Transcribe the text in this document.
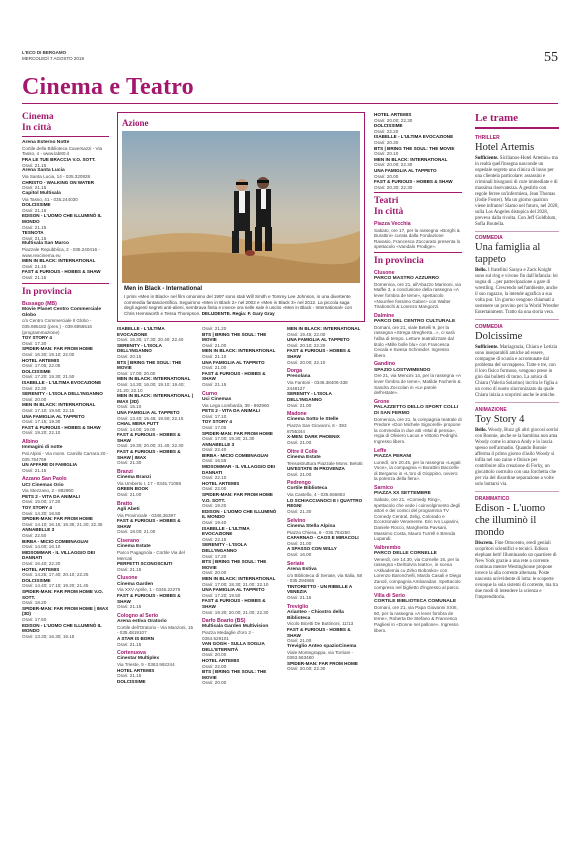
L'ECO DI BERGAMO
MERCOLEDÌ 7 AGOSTO 2019	55
Cinema e Teatro
Cinema
In città
Arena Esterno Notte
Cortile della Biblioteca Caversazzi - Via Tasso, 4 - www.lab80.it
FRA LE TUE BRACCIA V.O. SOTT.
Orari: 21.15
Arena Santa Lucia
Via Santa Lucia, 14 - 035.320828
CHRISTO - WALKING ON WATER
Orari: 21.15
Capitol Multisala
Via Tasso, 41 - 035.244030
DOLCISSIME
Orari: 21.15
EDISON - L'UOMO CHE ILLUMINÒ IL MONDO
Orari: 21.15
TESNOTA
Orari: 21.15
Multisala San Marco
Piazzale Repubblica, 2 - 035.240416 - www.rexcinema.eu
MEN IN BLACK: INTERNATIONAL
Orari: 21.15
FAST & FURIOUS - HOBBS & SHAW
Orari: 21.15
In provincia
Bussago (MB)
Movie Planet Centro Commerciale Globo
c/o Centro Commerciale Il Globo - 035.695182 (pren.) - 039.6956516 (programmazione)
TOY STORY 4
Orari: 17.30
SPIDER-MAN: FAR FROM HOME
Orari: 16.30; 19.10; 22.00
HOTEL ARTEMIS
Orari: 17.05; 22.05
DOLCISSIME
Orari: 17.20; 19.30; 21.50
ISABELLE - L'ULTIMA EVOCAZIONE
Orari: 22.30
SERENITY - L'ISOLA DELL'INGANNO
Orari: 20.00
MEN IN BLACK: INTERNATIONAL
Orari: 17.10; 19.50; 22.15
UNA FAMIGLIA AL TAPPETO
Orari: 17.15; 19.30
FAST & FURIOUS - HOBBS & SHAW
Orari: 19.20; 22.10
Albino
Immagini di notte
Pal.Alpini - Via mons. Camillo Carrara 20 - 035.754769
UN AFFARE DI FAMIGLIA
Orari: 21.15
Azzano San Paolo
UCI Cinemas Orio
Via Stezzano, 2 - 892960
PETS 2 - VITA DA ANIMALI
Orari: 15.00; 17.20
TOY STORY 4
Orari: 14.30; 16.50
SPIDER-MAN: FAR FROM HOME
Orari: 14.10; 16.15; 19.35; 21.30; 22.35
ANNABELLE 3
Orari: 22.50
BIRBA - MICIO COMBINAGUAI
Orari: 14.00; 16.10
MIDSOMMAR - IL VILLAGGIO DEI DANNATI
Orari: 16.40; 22.20
HOTEL ARTEMIS
Orari: 14.25; 17.40; 20.10; 22.25
DOLCISSIME
Orari: 14.40; 17.10; 19.20; 21.45
SPIDER-MAN: FAR FROM HOME V.O. SOTT.
Orari: 18.20
SPIDER-MAN: FAR FROM HOME | IMAX (3D)
Orari: 17.50
EDISON - L'UOMO CHE ILLUMINÒ IL MONDO
Orari: 13.30; 16.30; 19.15
Azione
Men in Black - International
I primi «Men in Black» nel film omonimo del 1997 sono stati Will Smith e Tommy Lee Johnson, in una divertente commedia fantascientifica. Seguirono «Men in Black 2» nel 2002 e «Men in Black 3» nel 2012. La piccola saga degli agenti segreti anti-alieni, sembrava finita e invece ora nelle sale è uscito «Men in Black - International» con Chris Hemsworth e Tessa Thompson. DELUDENTE. Regia: F. Gary Gray
ISABELLE - L'ULTIMA EVOCAZIONE
Orari: 15.30; 17.30; 20.40; 22.40
SERENITY - L'ISOLA DELL'INGANNO
Orari: 20.15
BTS | BRING THE SOUL: THE MOVIE
Orari: 17.00; 20.00
MEN IN BLACK: INTERNATIONAL
Orari: 14.30; 16.00; 19.10; 19.40; 21.20; 22.10
MEN IN BLACK: INTERNATIONAL | IMAX (3D)
Orari: 15.10
UNA FAMIGLIA AL TAPPETO
Orari: 13.40; 15.45; 19.50; 22.15
CHIAL MERA PUTT
Orari: 14.00; 19.00
FAST & FURIOUS - HOBBS & SHAW
Orari: 19.30; 20.00; 21.40; 22.30
FAST & FURIOUS - HOBBS & SHAW | IMAX
Orari: 21.30
Branzi
Cinema Branzi
Via Umberto I, 17 - 0345.71088
GREEN BOOK
Orari: 21.00
Bratto
Agli Abeti
Via Provinciale - 0346.36397
FAST & FURIOUS - HOBBS & SHAW
Orari: 18.00; 21.00
Ciserano
Cinema Estate
Parco Pagagnola - Cortile Via del Mercati
PERFETTI SCONOSCIUTI
Orari: 21.15
Clusone
Cinema Garden
Via XXV Aprile, 1 - 0346.22275
FAST & FURIOUS - HOBBS & SHAW
Orari: 21.15
Cologno al Serio
Arena estiva Oratorio
Cortile dell'Oratorio - Via Manzoni, 15 - 035.4819107
A STAR IS BORN
Orari: 21.15
Cortenuova
Cinestar Multiplex
Via Trieste, 9 - 0363.992244
HOTEL ARTEMIS
Orari: 21.15
DOLCISSIME
Orari: 21.20
BTS | BRING THE SOUL: THE MOVIE
Orari: 21.00
MEN IN BLACK: INTERNATIONAL
Orari: 21.15
UNA FAMIGLIA AL TAPPETO
Orari: 21.00
FAST & FURIOUS - HOBBS & SHAW
Orari: 21.15
Curno
Uci Cinemas
Via Lega Lombarda, 39 - 892960
PETS 2 - VITA DA ANIMALI
Orari: 17.10
TOY STORY 4
Orari: 17.05
SPIDER-MAN: FAR FROM HOME
Orari: 17.00; 19.30; 21.30
ANNABELLE 3
Orari: 22.40
BIRBA - MICIO COMBINAGUAI
Orari: 16.55
MIDSOMMAR - IL VILLAGGIO DEI DANNATI
Orari: 22.10
HOTEL ARTEMIS
Orari: 22.00
SPIDER-MAN: FAR FROM HOME V.O. SOTT.
Orari: 19.20
EDISON - L'UOMO CHE ILLUMINÒ IL MONDO
Orari: 19.40
ISABELLE - L'ULTIMA EVOCAZIONE
Orari: 22.15
SERENITY - L'ISOLA DELL'INGANNO
Orari: 17.20
BTS | BRING THE SOUL: THE MOVIE
Orari: 20.00
MEN IN BLACK: INTERNATIONAL
Orari: 17.00; 18.30; 21.00; 22.10
UNA FAMIGLIA AL TAPPETO
Orari: 17.20; 19.50
FAST & FURIOUS - HOBBS & SHAW
Orari: 19.30; 20.00; 21.00; 22.30
Darfo Boario (BS)
Multisala Garden Multivision
Piazza Medaglie d'oro 2 - 0364.529101
VAN GOGH - SULLA SOGLIA DELL'ETERNITÀ
Orari: 20.00
HOTEL ARTEMIS
Orari: 22.00
BTS | BRING THE SOUL: THE MOVIE
Orari: 20.00
MEN IN BLACK: INTERNATIONAL
Orari: 19.45; 22.00
UNA FAMIGLIA AL TAPPETO
Orari: 20.10; 22.20
FAST & FURIOUS - HOBBS & SHAW
Orari: 20.00; 22.10
Dorga
Presolana
Via Fantoni - 0346.38406-338 2448127
SERENITY - L'ISOLA DELL'INGANNO
Orari: 21.00
Madone
Cinema Sotto le Stelle
Piazza San Giovanni, 6 - 393 8755344
X-MEN: DARK PHOENIX
Orari: 21.00
Oltre il Colle
Cinema Estate
Tensostruttura Piazzale Mons. Belotti
UN'ESTATE IN PROVENZA
Orari: 21.00
Pedrengo
Cortile Biblioteca
Via Castello, 4 - 035.656663
LO SCHIACCIANOCI E I QUATTRO REGNI
Orari: 21.30
Selvino
Cinema Stella Alpina
Piazza Chiesa, 6 - 035.764250
CAFARNAO - CAOS E MIRACOLI
Orari: 21.00
A SPASSO CON WILLY
Orari: 16.00
Seriate
Arena Estiva
c/o Biblioteca di Seriate, via Italia, 58 - 035.294868
TINTORETTO - UN RIBELLE A VENEZIA
Orari: 21.15
Treviglio
Arianteo - Chiostro della Biblioteca
Vicolo Bicetti De Buttinoni, 11/13
FAST & FURIOUS - HOBBS & SHAW
Orari: 21.00
Treviglio Anteo spazioCinema
Viale Montegrappa, via Torriani - 0363.563460
SPIDER-MAN: FAR FROM HOME
Orari: 20.00; 22.30
HOTEL ARTEMIS
Orari: 20.00; 22.30
DOLCISSIME
Orari: 22.20
ISABELLE - L'ULTIMA EVOCAZIONE
Orari: 20.30
BTS | BRING THE SOUL: THE MOVIE
Orari: 20.10
MEN IN BLACK: INTERNATIONAL
Orari: 20.00; 22.30
UNA FAMIGLIA AL TAPPETO
Orari: 20.00
FAST & FURIOUS - HOBBS & SHAW
Orari: 20.30; 22.30
Teatri
In città
Piazza Vecchia
Sabato, ore 17, per la rassegna «Borghi & Burattini» curata dalla Fondazione Ravasio, Francesca Zoccarato presenta lo spettacolo «Vandalo Prodige».
In provincia
Clusone
PARCO MASTRO AZZURRO
Domenica, ore 21, all'Abazzo Marinoni, via Maffei 3, a conclusione della rassegna «A lever fombra de teme», spettacolo «Nounfee fossimo Gaber» con Walter Tiraboschi & Lorenzo Mangozzi.
Dalmine
PARCO DEL CENTRO CULTURALE
Domani, ore 21, viale Betelli 9, per la rassegna «Strega stregherta...», ci sarà l'alba di tempo. Letture teatralizzate dal titolo «Mille bolle blu» con Francesca Cecala e Swesa Schneider. Ingresso libero.
Gandino
SPAZIO LOSTWIMENDO
Ore 21, via Mencini 14, per la rassegna «A lever fombra de teme», Matilde Facheris & Sandra Zoccolan in «Le parole dell'estate».
Grone
PALAZZETTO DELLO SPORT COLLI DI SAN FERMO
Domenica, ore 21, la compagnia teatrale di Predore «Don Michele Signorelli» propone la commedia in due atti «Mal di pensia», regia di Oliviero Lacus e Vittorio Pedrighi. Ingresso libero.
Leffe
PIAZZA PERANI
Lunedì, ore 20.45, per la rassegna «Legati Voce», la compagnia «i Burattini Baccelli» di Bergamo in «L'oro di Gioppino, ovvero: la potenza della fiera».
Sarnico
PIAZZA XX SETTEMBRE
Sabato, ore 21, «Comedy Ring», spettacolo che vede i coinvolgimento degli attori e dei comici del programma TV Comedy Central, Zelig, Colorado e Eccezionale Veramente. Eric Ivo Luparini, Daniele Rocco, Margherita Pavsani, Massimo Costa, Mauro Turrell e Brenda Lupandi.
Valbrembo
PARCO DELLE CORNELLE
Venerdì, ore 14.30, via Cornelle 16, per la rassegna «DelSolvra teatro», in scena «Akkademia cu Zirko Bobosko» con Lorenzo Baronchelli, Mardo Casali e Diego Zanoli, compagnia Ambaradan. Spettacolo compreso nel biglietto d'ingresso al parco.
Villa di Serio
CORTILE BIBLIOTECA COMUNALE
Domani, ore 21, via Papa Giovanni XXIII, 60, per la rassegna «A lever fombra de teme», Roberta De Stefano & Francesca Pagliesi in «Donne nel pallone». Ingresso libero.
Le trame
THRILLER
Hotel Artemis
Sufficiente. Sicilianos-Hotel Artemis» ma in realtà quell'insegna nasconde un ospedale segreto una clinica di lusso per una clientela particolare: assassini e criminali bisognosi di cure immediate e di massima riservatezza. A gestirlo con regole ferree un'infermiera, Jean Thomas (Jodie Foster). Ma un giorno qualcun viene infranto! Siamo nel futuro, nel 2028, sulla Los Angeles distopica del 2028, preveva dalla rivolta. Con Jeff Goldblum, Sofia Boutella.
COMMEDIA
Una famiglia al tappeto
Bello. I fratellini Saraya e Zack Knight sono sul ring e vivono fin dall'infanzia: lei sogna di ...per partecipazione a gare di wrestling. Crescendo nell'ambiente, anche il suo ragazzo, la intende agrafica a sua volta pur. Un giorno vengono chiamati a sostenere un provino per la World Wrestler Entertainment. Tratto da una storia vera.
COMMEDIA
Dolcissime
Sufficiente. Mariagrazia, Chiara e Letizia sono inseparabili amiche ad essere, compagne di scuola e accomunate dal problema del sovrappeso. Tutte e tre, con il loro fisico formoso, vengono prese in giro dai bulletti di turno. La amica di Chiara (Valeria Solarino) incrita le figlia a un corso di nuoto sincronizzato da quale Chiara inizia a scoprirsi anche le amiche.
ANIMAZIONE
Toy Story 4
Bello. Woody, Buzz gli altri giocosi sorrisi con Bonnie, anche se la bambina non ama Woody come lo amava Andy e lo lascia spesso nell'armadio. Quando Bonnie afferma il primo giorno d'asilo Woody si infila nel suo zaino e finisce per contribuire alla creazione di Forky, un giocattolo costruito con una forchetta che per via del disordine separazione a volte solo buttarsi via.
DRAMMATICO
Edison - L'uomo che illuminò il mondo
Discreto. Fine Ottocento, eredi geniali scopritori scientifici e tecnici. Edison elephant belt! Illuminando un quartiere di New York grazie a una rete a corrente continua mentre Westinghouse propone invece la alla corrente alternata. Poste nascosta un'evidente di lotta: le scoperte ovunque la sola sistemi di corrente, ma tra due modi di intendere la scienza e l'imprenditoria.
